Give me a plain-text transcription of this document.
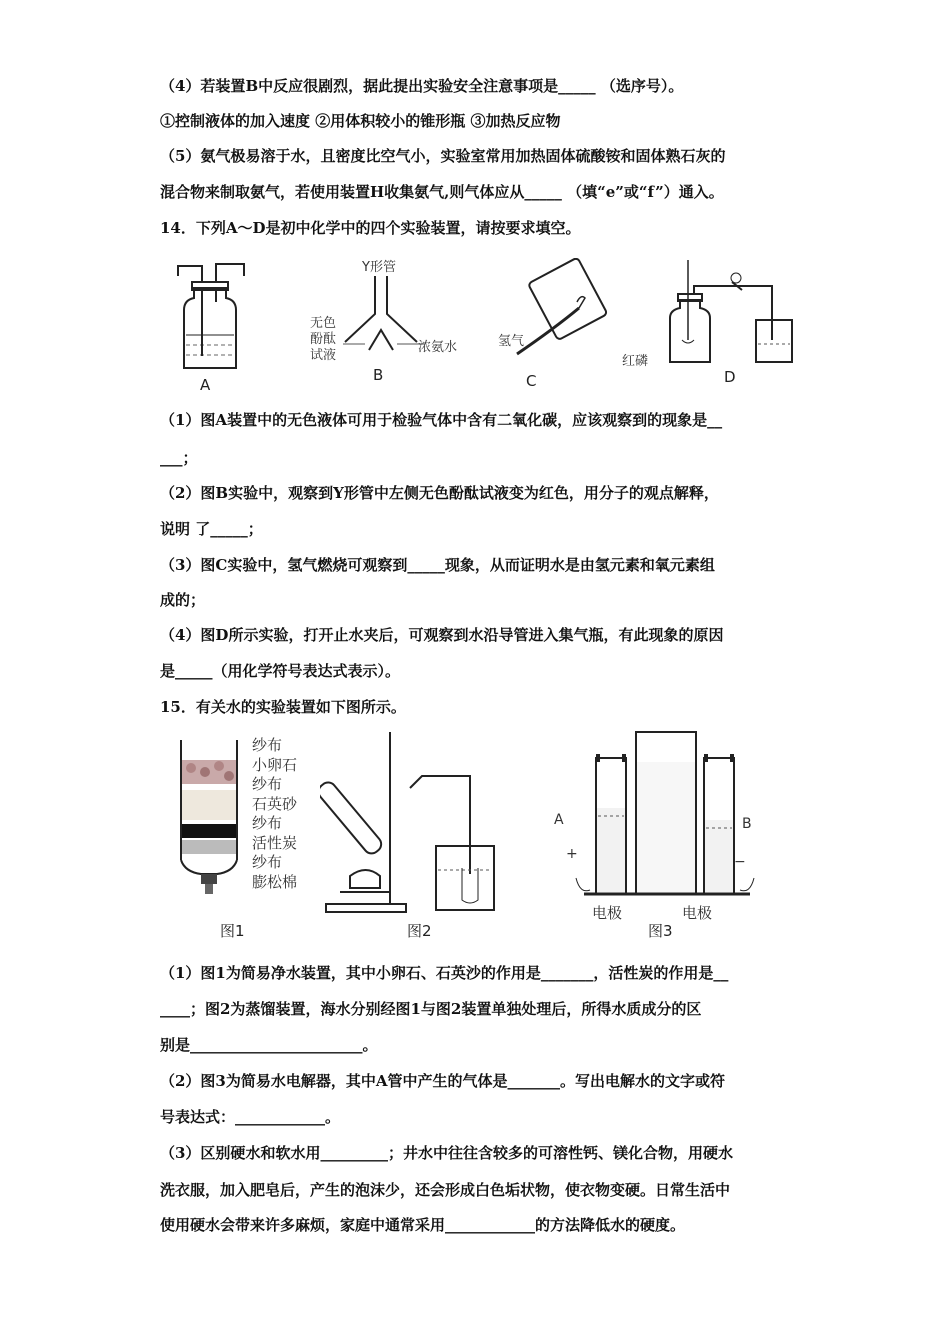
（4）若装置B中反应很剧烈，据此提出实验安全注意事项是_____ （选序号）。
①控制液体的加入速度 ②用体积较小的锥形瓶 ③加热反应物
（5）氨气极易溶于水，且密度比空气小，实验室常用加热固体硫酸铵和固体熟石灰的
混合物来制取氨气，若使用装置H收集氨气,则气体应从_____ （填“e”或“f”）通入。
14．下列A～D是初中化学中的四个实验装置，请按要求填空。
A
Y形管
无色
酚酞
试液
浓氨水
B
氢气
C
红磷
D
（1）图A装置中的无色液体可用于检验气体中含有二氧化碳，应该观察到的现象是__
___；
（2）图B实验中，观察到Y形管中左侧无色酚酞试液变为红色，用分子的观点解释，
说明 了_____；
（3）图C实验中，氢气燃烧可观察到_____现象，从而证明水是由氢元素和氧元素组
成的；
（4）图D所示实验，打开止水夹后，可观察到水沿导管进入集气瓶，有此现象的原因
是_____（用化学符号表达式表示）。
15．有关水的实验装置如下图所示。
纱布
小卵石
纱布
石英砂
纱布
活性炭
纱布
膨松棉
图1	图2
A	B
+	−
电极	电极
图3
（1）图1为简易净水装置，其中小卵石、石英沙的作用是_______，活性炭的作用是__
____；图2为蒸馏装置，海水分别经图1与图2装置单独处理后，所得水质成分的区
别是_______________________。
（2）图3为简易水电解器，其中A管中产生的气体是_______。写出电解水的文字或符
号表达式：____________。
（3）区别硬水和软水用_________；井水中往往含较多的可溶性钙、镁化合物，用硬水
洗衣服，加入肥皂后，产生的泡沫少，还会形成白色垢状物，使衣物变硬。日常生活中
使用硬水会带来许多麻烦，家庭中通常采用____________的方法降低水的硬度。
